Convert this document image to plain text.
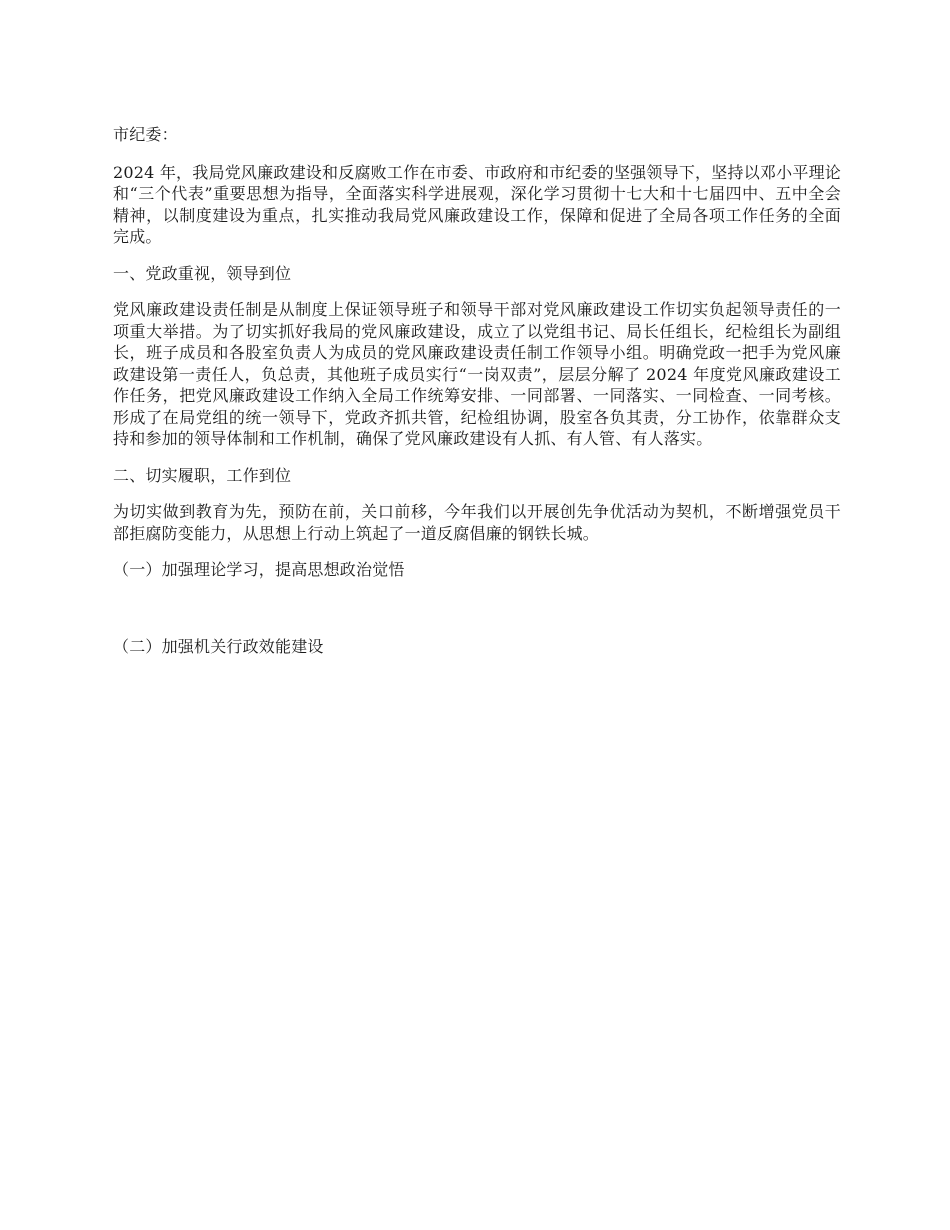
市纪委：

2024 年，我局党风廉政建设和反腐败工作在市委、市政府和市纪委的坚强领导下，坚持以邓小平理论和“三个代表”重要思想为指导，全面落实科学进展观，深化学习贯彻十七大和十七届四中、五中全会精神，以制度建设为重点，扎实推动我局党风廉政建设工作，保障和促进了全局各项工作任务的全面完成。

一、党政重视，领导到位

党风廉政建设责任制是从制度上保证领导班子和领导干部对党风廉政建设工作切实负起领导责任的一项重大举措。为了切实抓好我局的党风廉政建设，成立了以党组书记、局长任组长，纪检组长为副组长，班子成员和各股室负责人为成员的党风廉政建设责任制工作领导小组。明确党政一把手为党风廉政建设第一责任人，负总责，其他班子成员实行“一岗双责”，层层分解了 2024 年度党风廉政建设工作任务，把党风廉政建设工作纳入全局工作统筹安排、一同部署、一同落实、一同检查、一同考核。形成了在局党组的统一领导下，党政齐抓共管，纪检组协调，股室各负其责，分工协作，依靠群众支持和参加的领导体制和工作机制，确保了党风廉政建设有人抓、有人管、有人落实。

二、切实履职，工作到位

为切实做到教育为先，预防在前，关口前移，今年我们以开展创先争优活动为契机，不断增强党员干部拒腐防变能力，从思想上行动上筑起了一道反腐倡廉的钢铁长城。

（一）加强理论学习，提高思想政治觉悟

（二）加强机关行政效能建设
